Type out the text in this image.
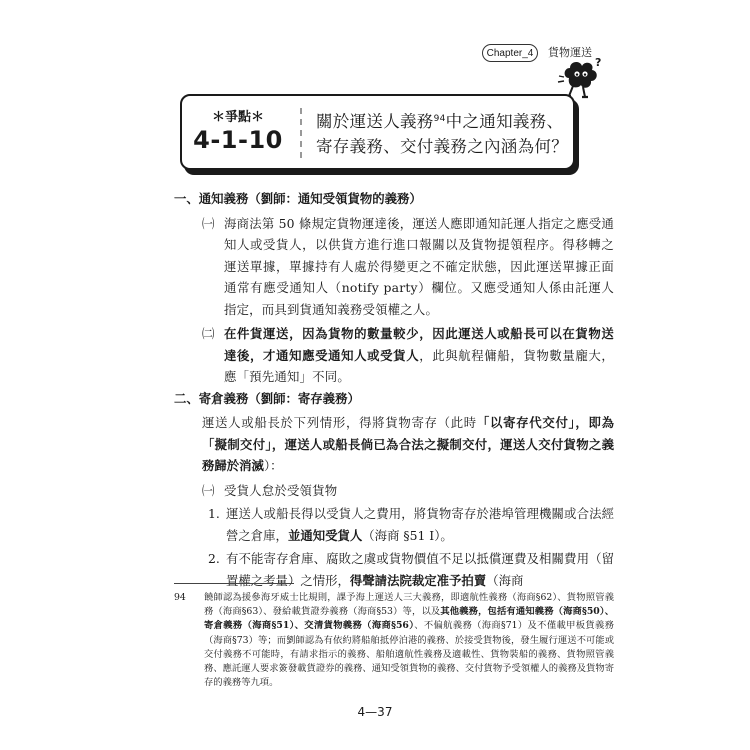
Chapter_4	貨物運送
?
＊爭點＊
4-1-10
關於運送人義務$^{94}$中之通知義務、寄存義務、交付義務之內涵為何？

一、通知義務（劉師：通知受領貨物的義務）

㈠ 海商法第 50 條規定貨物運達後，運送人應即通知託運人指定之應受通知人或受貨人，以供貨方進行進口報關以及貨物提領程序。得移轉之運送單據，單據持有人處於得變更之不確定狀態，因此運送單據正面通常有應受通知人（notify party）欄位。又應受通知人係由託運人指定，而具到貨通知義務受領權之人。

㈡ 在件貨運送，因為貨物的數量較少，因此運送人或船長可以在貨物送達後，才通知應受通知人或受貨人，此與航程傭船，貨物數量龐大，應「預先通知」不同。

二、寄倉義務（劉師：寄存義務）

運送人或船長於下列情形，得將貨物寄存（此時「以寄存代交付」，即為「擬制交付」，運送人或船長倘已為合法之擬制交付，運送人交付貨物之義務歸於消滅）：

㈠ 受貨人怠於受領貨物

1. 運送人或船長得以受貨人之費用，將貨物寄存於港埠管理機關或合法經營之倉庫，並通知受貨人（海商 §51 Ⅰ）。

2. 有不能寄存倉庫、腐敗之虞或貨物價值不足以抵償運費及相關費用（留置權之考量）之情形，得聲請法院裁定准予拍賣（海商

94	饒師認為援參海牙威士比規則，課予海上運送人三大義務，即適航性義務（海商§62）、貨物照管義務（海商§63）、發給載貨證券義務（海商§53）等，以及其他義務，包括有通知義務（海商§50）、寄倉義務（海商§51）、交清貨物義務（海商§56）、不偏航義務（海商§71）及不僅載甲板貨義務（海商§73）等；而劉師認為有依約將船舶抵停泊港的義務、於接受貨物後，發生履行運送不可能或交付義務不可能時，有請求指示的義務、船舶適航性義務及適載性、貨物裝船的義務、貨物照管義務、應託運人要求簽發載貨證券的義務、通知受領貨物的義務、交付貨物予受領權人的義務及貨物寄存的義務等九項。
4—37
